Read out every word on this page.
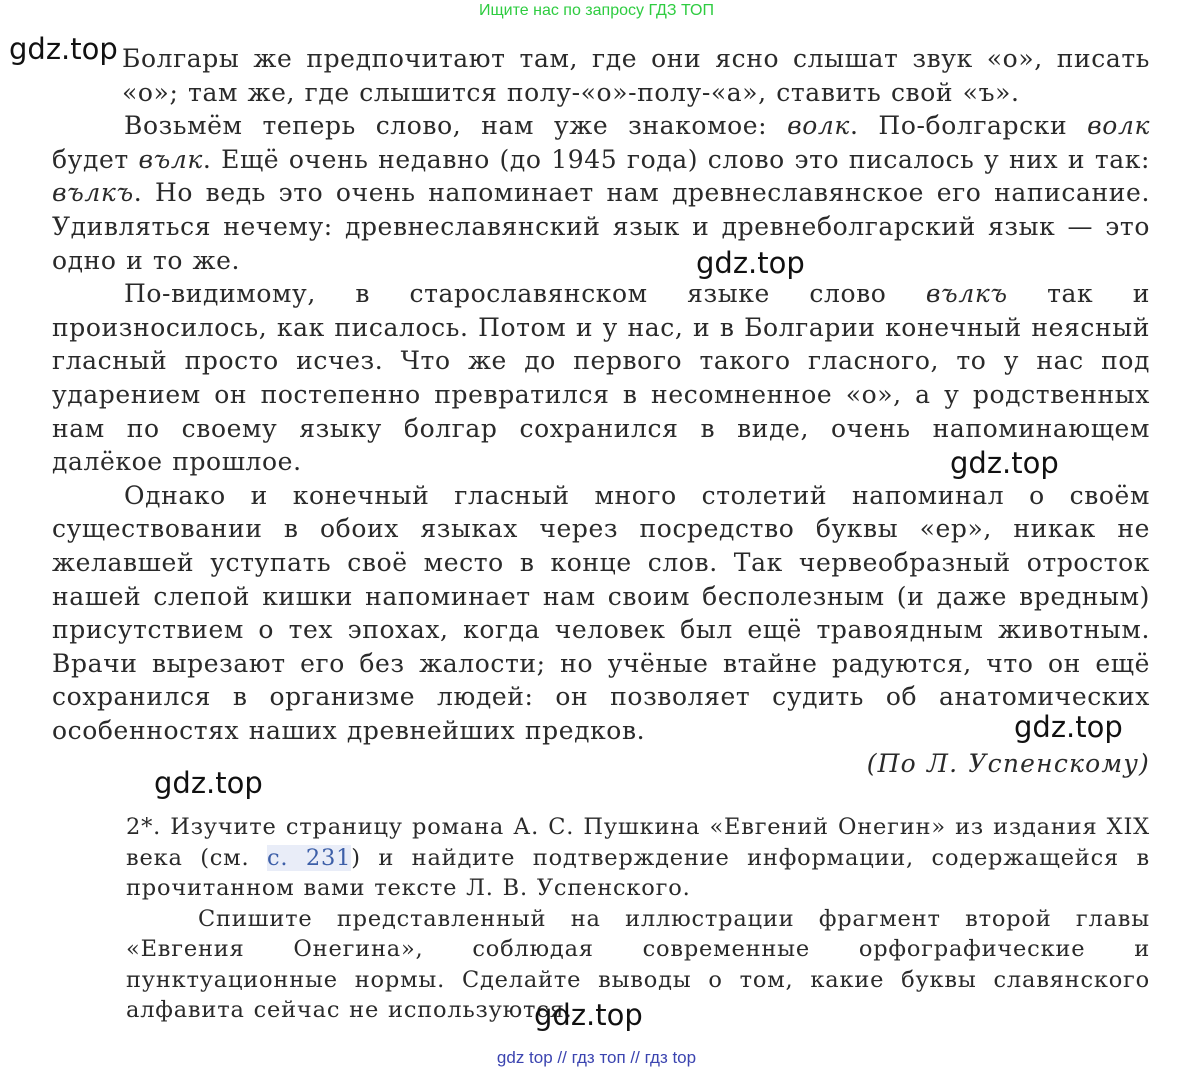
Ищите нас по запросу ГДЗ ТОП

Болгары же предпочитают там, где они ясно слышат звук «о», писать «о»; там же, где слышится полу-«о»-полу-«а», ставить свой «ъ».

Возьмём теперь слово, нам уже знакомое: волк. По-болгарски волк будет вълк. Ещё очень недавно (до 1945 года) слово это писалось у них и так: вълкъ. Но ведь это очень напоминает нам древнеславянское его написание. Удивляться нечему: древнеславянский язык и древнеболгарский язык — это одно и то же.

По-видимому, в старославянском языке слово вълкъ так и произносилось, как писалось. Потом и у нас, и в Болгарии конечный неясный гласный просто исчез. Что же до первого такого гласного, то у нас под ударением он постепенно превратился в несомненное «о», а у родственных нам по своему языку болгар сохранился в виде, очень напоминающем далёкое прошлое.

Однако и конечный гласный много столетий напоминал о своём существовании в обоих языках через посредство буквы «ер», никак не желавшей уступать своё место в конце слов. Так червеобразный отросток нашей слепой кишки напоминает нам своим бесполезным (и даже вредным) присутствием о тех эпохах, когда человек был ещё травоядным животным. Врачи вырезают его без жалости; но учёные втайне радуются, что он ещё сохранился в организме людей: он позволяет судить об анатомических особенностях наших древнейших предков.

(По Л. Успенскому)

2*. Изучите страницу романа А. С. Пушкина «Евгений Онегин» из издания XIX века (см. с. 231) и найдите подтверждение информации, содержащейся в прочитанном вами тексте Л. В. Успенского.

Спишите представленный на иллюстрации фрагмент второй главы «Евгения Онегина», соблюдая современные орфографические и пунктуационные нормы. Сделайте выводы о том, какие буквы славянского алфавита сейчас не используются.

gdz.top
gdz.top
gdz.top
gdz.top
gdz.top
gdz.top
gdz top // гдз топ // гдз top
